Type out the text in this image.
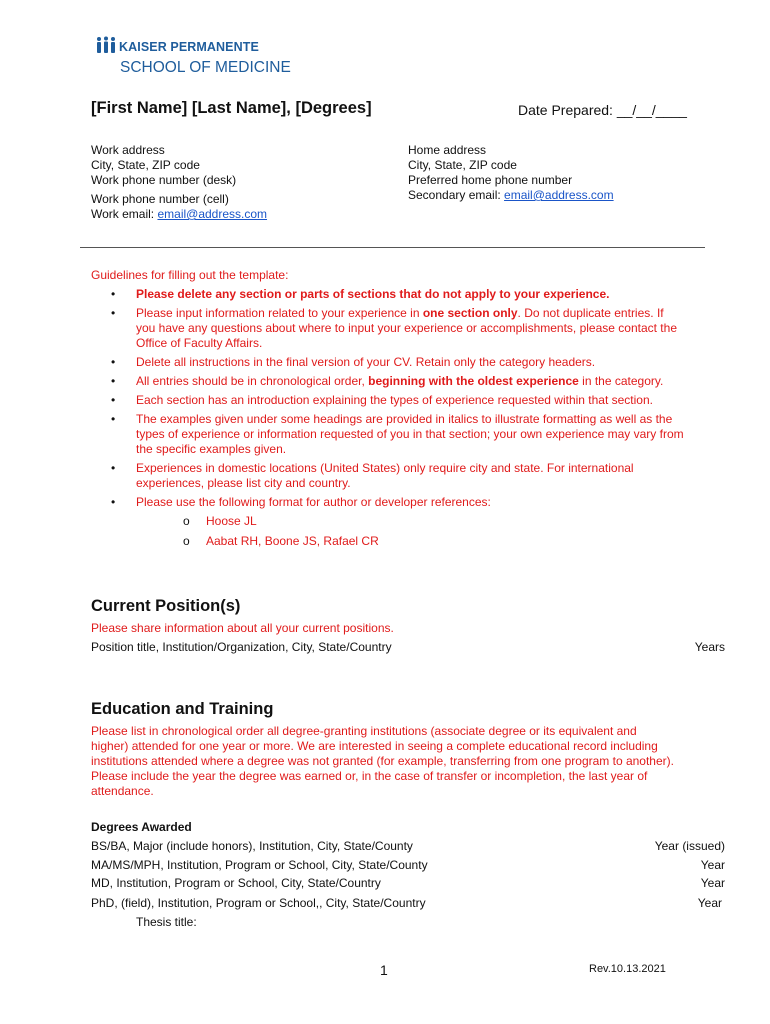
KAISER PERMANENTE
SCHOOL OF MEDICINE
[First Name] [Last Name], [Degrees]	Date Prepared: __/__/____
Work address
City, State, ZIP code
Work phone number (desk)
Work phone number (cell)
Work email: email@address.com
Home address
City, State, ZIP code
Preferred home phone number
Secondary email: email@address.com
Guidelines for filling out the template:
• Please delete any section or parts of sections that do not apply to your experience.
• Please input information related to your experience in one section only. Do not duplicate entries. If you have any questions about where to input your experience or accomplishments, please contact the Office of Faculty Affairs.
• Delete all instructions in the final version of your CV. Retain only the category headers.
• All entries should be in chronological order, beginning with the oldest experience in the category.
• Each section has an introduction explaining the types of experience requested within that section.
• The examples given under some headings are provided in italics to illustrate formatting as well as the types of experience or information requested of you in that section; your own experience may vary from the specific examples given.
• Experiences in domestic locations (United States) only require city and state. For international experiences, please list city and country.
• Please use the following format for author or developer references:
o Hoose JL
o Aabat RH, Boone JS, Rafael CR
Current Position(s)
Please share information about all your current positions.
Position title, Institution/Organization, City, State/Country	Years
Education and Training
Please list in chronological order all degree-granting institutions (associate degree or its equivalent and higher) attended for one year or more. We are interested in seeing a complete educational record including institutions attended where a degree was not granted (for example, transferring from one program to another). Please include the year the degree was earned or, in the case of transfer or incompletion, the last year of attendance.
Degrees Awarded
BS/BA, Major (include honors), Institution, City, State/County	Year (issued)
MA/MS/MPH, Institution, Program or School, City, State/County	Year
MD, Institution, Program or School, City, State/Country	Year
PhD, (field), Institution, Program or School,, City, State/Country	Year
Thesis title:
1	Rev.10.13.2021
